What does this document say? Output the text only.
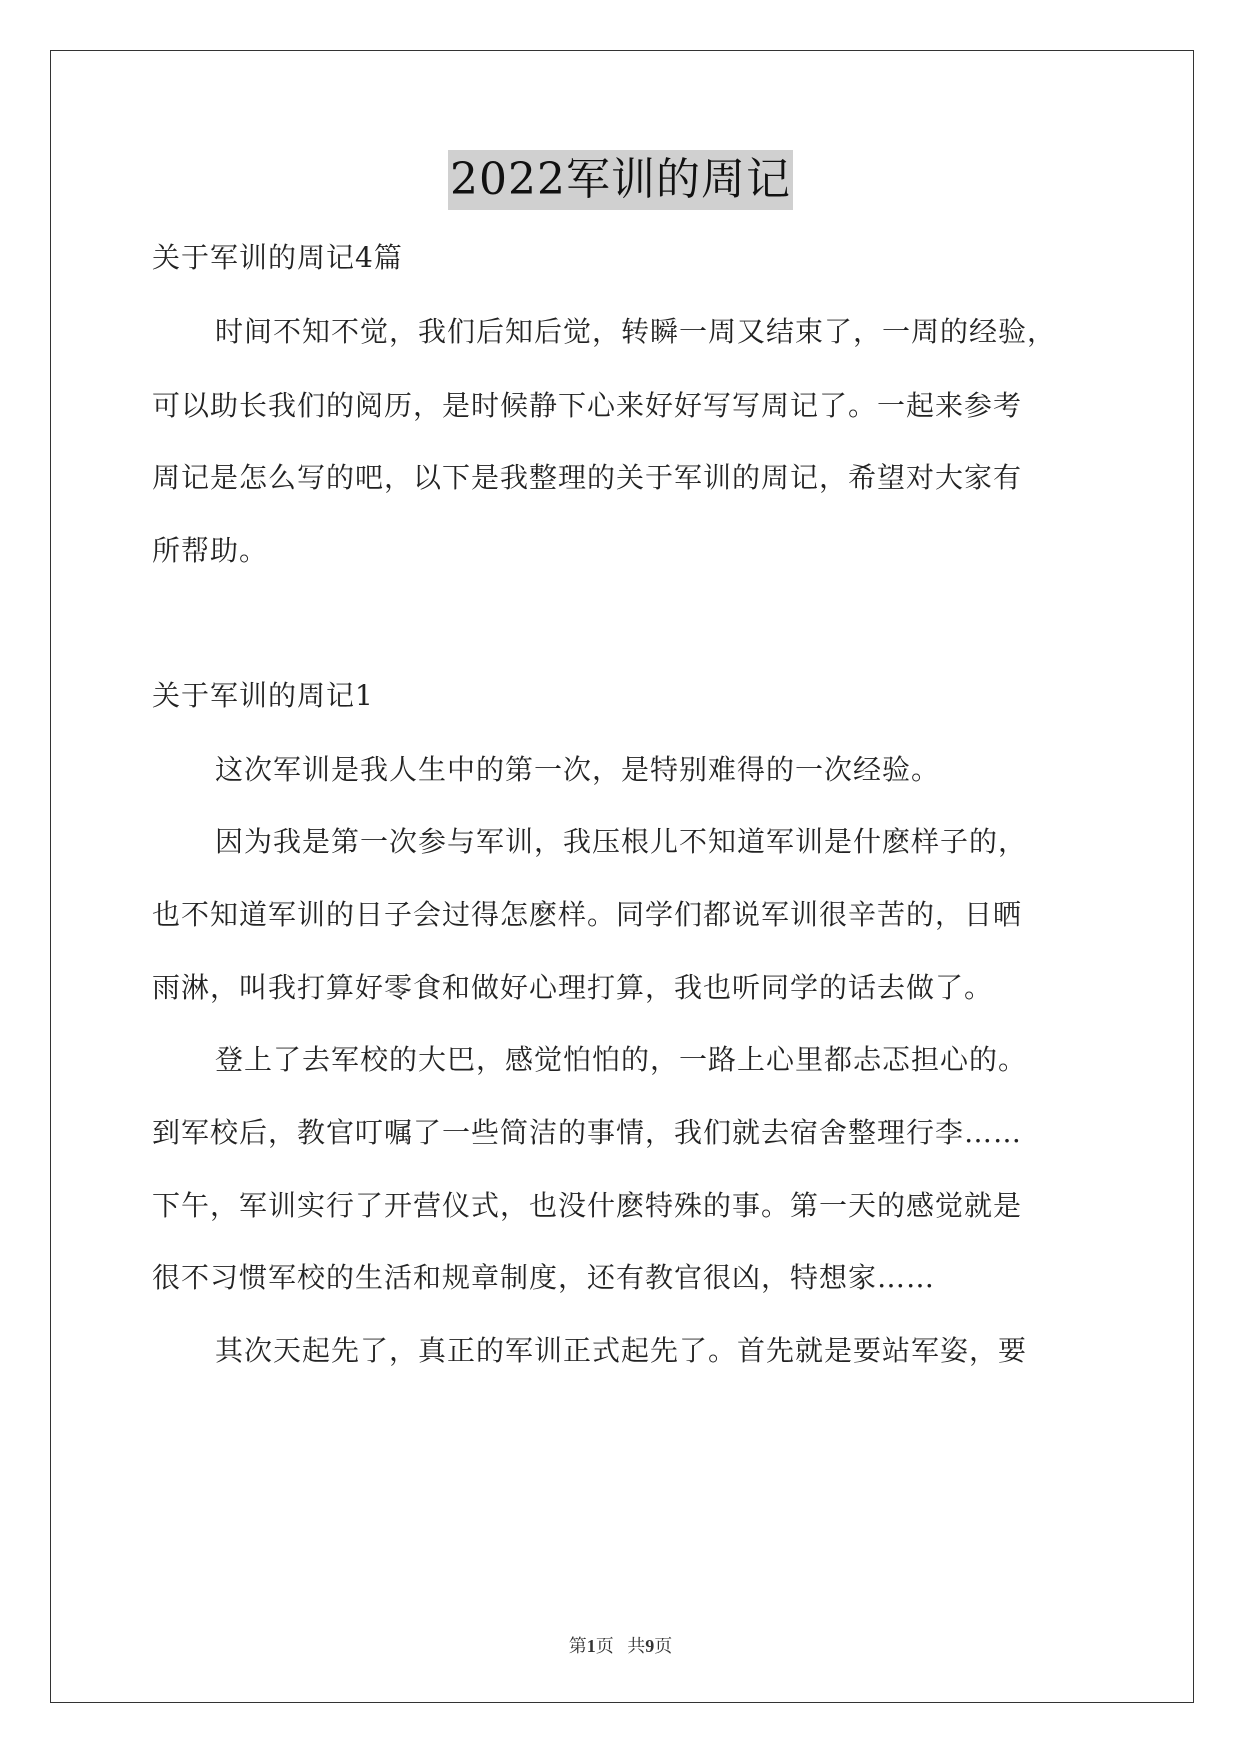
2022军训的周记
关于军训的周记4篇
时间不知不觉，我们后知后觉，转瞬一周又结束了，一周的经验，
可以助长我们的阅历，是时候静下心来好好写写周记了。一起来参考
周记是怎么写的吧，以下是我整理的关于军训的周记，希望对大家有
所帮助。
关于军训的周记1
这次军训是我人生中的第一次，是特别难得的一次经验。
因为我是第一次参与军训，我压根儿不知道军训是什麽样子的，
也不知道军训的日子会过得怎麽样。同学们都说军训很辛苦的，日晒
雨淋，叫我打算好零食和做好心理打算，我也听同学的话去做了。
登上了去军校的大巴，感觉怕怕的，一路上心里都忐忑担心的。
到军校后，教官叮嘱了一些简洁的事情，我们就去宿舍整理行李……
下午，军训实行了开营仪式，也没什麽特殊的事。第一天的感觉就是
很不习惯军校的生活和规章制度，还有教官很凶，特想家……
其次天起先了，真正的军训正式起先了。首先就是要站军姿，要
第1页 共9页
